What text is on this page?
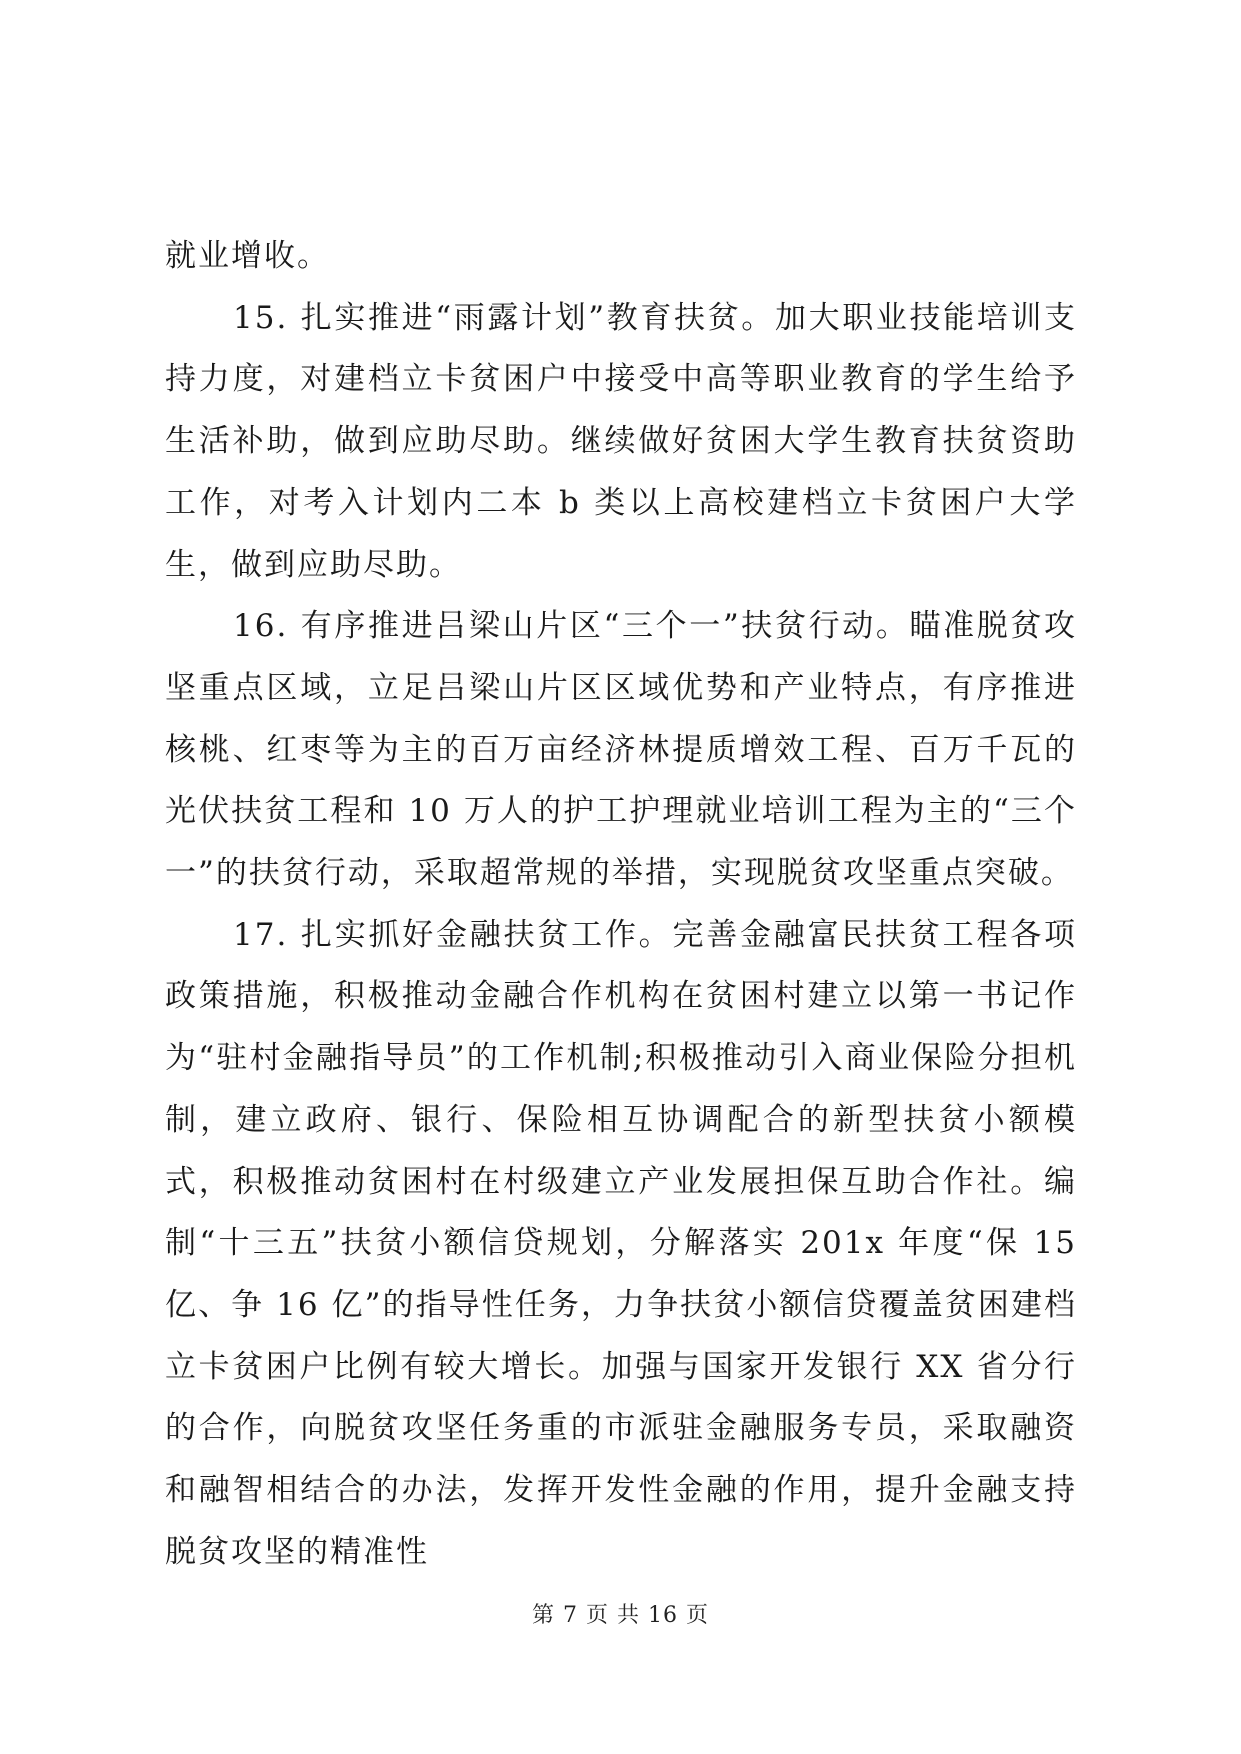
就业增收。

15. 扎实推进“雨露计划”教育扶贫。加大职业技能培训支持力度，对建档立卡贫困户中接受中高等职业教育的学生给予生活补助，做到应助尽助。继续做好贫困大学生教育扶贫资助工作，对考入计划内二本 b 类以上高校建档立卡贫困户大学生，做到应助尽助。

16. 有序推进吕梁山片区“三个一”扶贫行动。瞄准脱贫攻坚重点区域，立足吕梁山片区区域优势和产业特点，有序推进核桃、红枣等为主的百万亩经济林提质增效工程、百万千瓦的光伏扶贫工程和 10 万人的护工护理就业培训工程为主的“三个一”的扶贫行动，采取超常规的举措，实现脱贫攻坚重点突破。

17. 扎实抓好金融扶贫工作。完善金融富民扶贫工程各项政策措施，积极推动金融合作机构在贫困村建立以第一书记作为“驻村金融指导员”的工作机制;积极推动引入商业保险分担机制，建立政府、银行、保险相互协调配合的新型扶贫小额模式，积极推动贫困村在村级建立产业发展担保互助合作社。编制“十三五”扶贫小额信贷规划，分解落实 201x 年度“保 15 亿、争 16 亿”的指导性任务，力争扶贫小额信贷覆盖贫困建档立卡贫困户比例有较大增长。加强与国家开发银行 XX 省分行的合作，向脱贫攻坚任务重的市派驻金融服务专员，采取融资和融智相结合的办法，发挥开发性金融的作用，提升金融支持脱贫攻坚的精准性

第 7 页 共 16 页
